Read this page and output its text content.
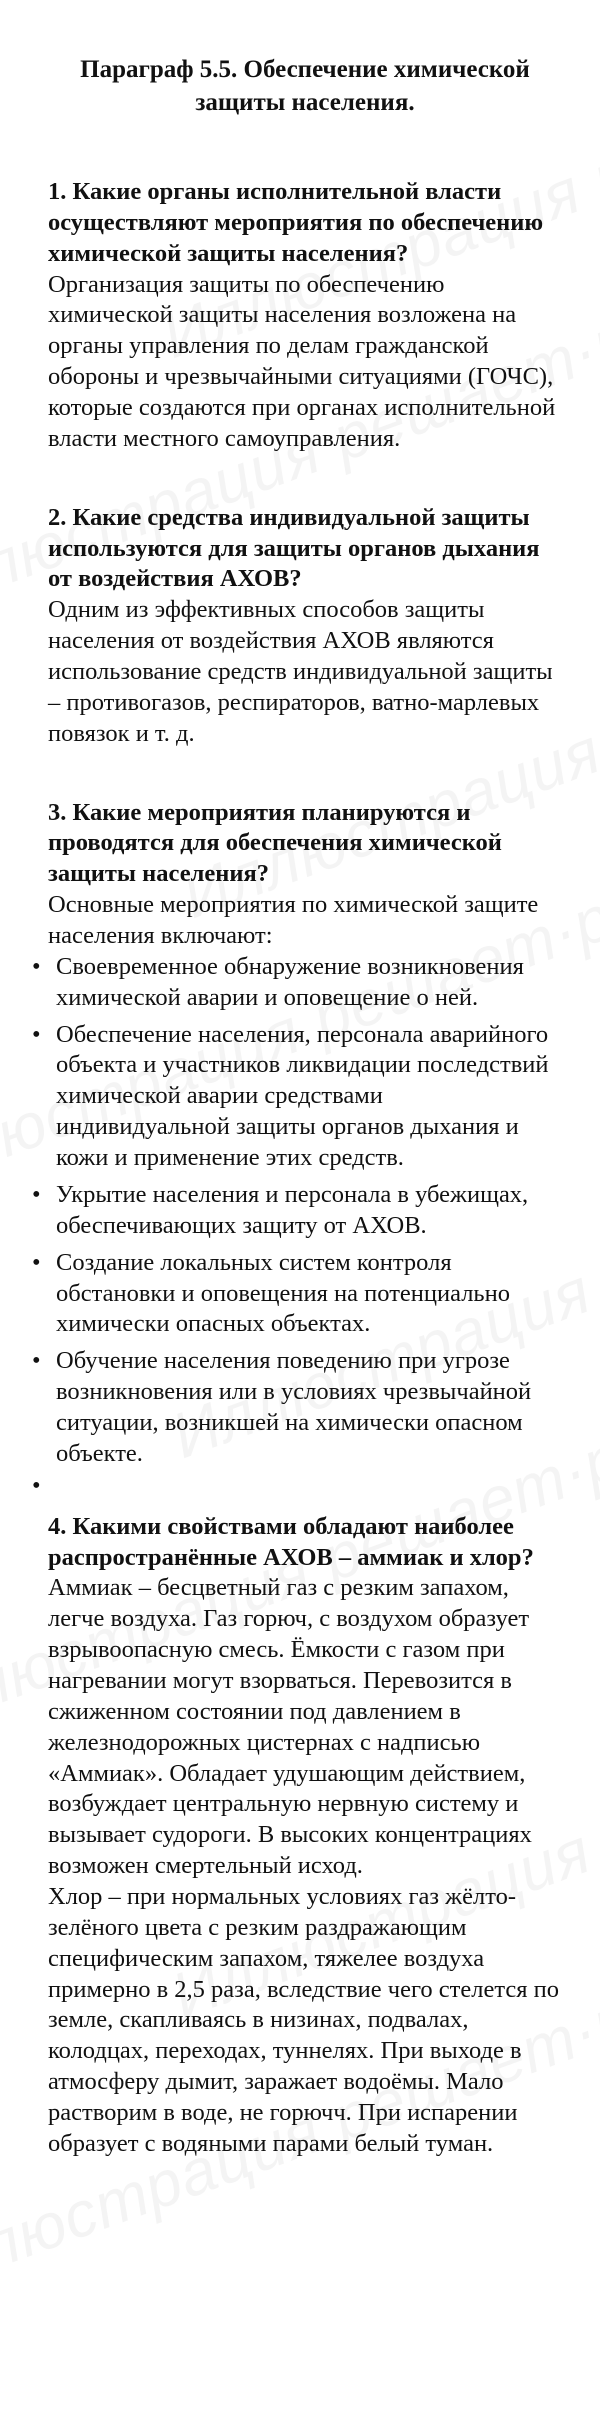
Параграф 5.5. Обеспечение химической защиты населения.
1. Какие органы исполнительной власти осуществляют мероприятия по обеспечению химической защиты населения?

Организация защиты по обеспечению химической защиты населения возложена на органы управления по делам гражданской обороны и чрезвычайными ситуациями (ГОЧС), которые создаются при органах исполнительной власти местного самоуправления.

2. Какие средства индивидуальной защиты используются для защиты органов дыхания от воздействия АХОВ?

Одним из эффективных способов защиты населения от воздействия АХОВ являются использование средств индивидуальной защиты – противогазов, респираторов, ватно-марлевых повязок и т. д.

3. Какие мероприятия планируются и проводятся для обеспечения химической защиты населения?

Основные мероприятия по химической защите населения включают:

• Своевременное обнаружение возникновения химической аварии и оповещение о ней.
• Обеспечение населения, персонала аварийного объекта и участников ликвидации последствий химической аварии средствами индивидуальной защиты органов дыхания и кожи и применение этих средств.
• Укрытие населения и персонала в убежищах, обеспечивающих защиту от АХОВ.
• Создание локальных систем контроля обстановки и оповещения на потенциально химически опасных объектах.
• Обучение населения поведению при угрозе возникновения или в условиях чрезвычайной ситуации, возникшей на химически опасном объекте.
•
4. Какими свойствами обладают наиболее распространённые АХОВ – аммиак и хлор?

Аммиак – бесцветный газ с резким запахом, легче воздуха. Газ горюч, с воздухом образует взрывоопасную смесь. Ёмкости с газом при нагревании могут взорваться. Перевозится в сжиженном состоянии под давлением в железнодорожных цистернах с надписью «Аммиак». Обладает удушающим действием, возбуждает центральную нервную систему и вызывает судороги. В высоких концентрациях возможен смертельный исход.

Хлор – при нормальных условиях газ жёлто-зелёного цвета с резким раздражающим специфическим запахом, тяжелее воздуха примерно в 2,5 раза, вследствие чего стелется по земле, скапливаясь в низинах, подвалах, колодцах, переходах, туннелях. При выходе в атмосферу дымит, заражает водоёмы. Мало растворим в воде, не горючч. При испарении образует с водяными парами белый туман.
